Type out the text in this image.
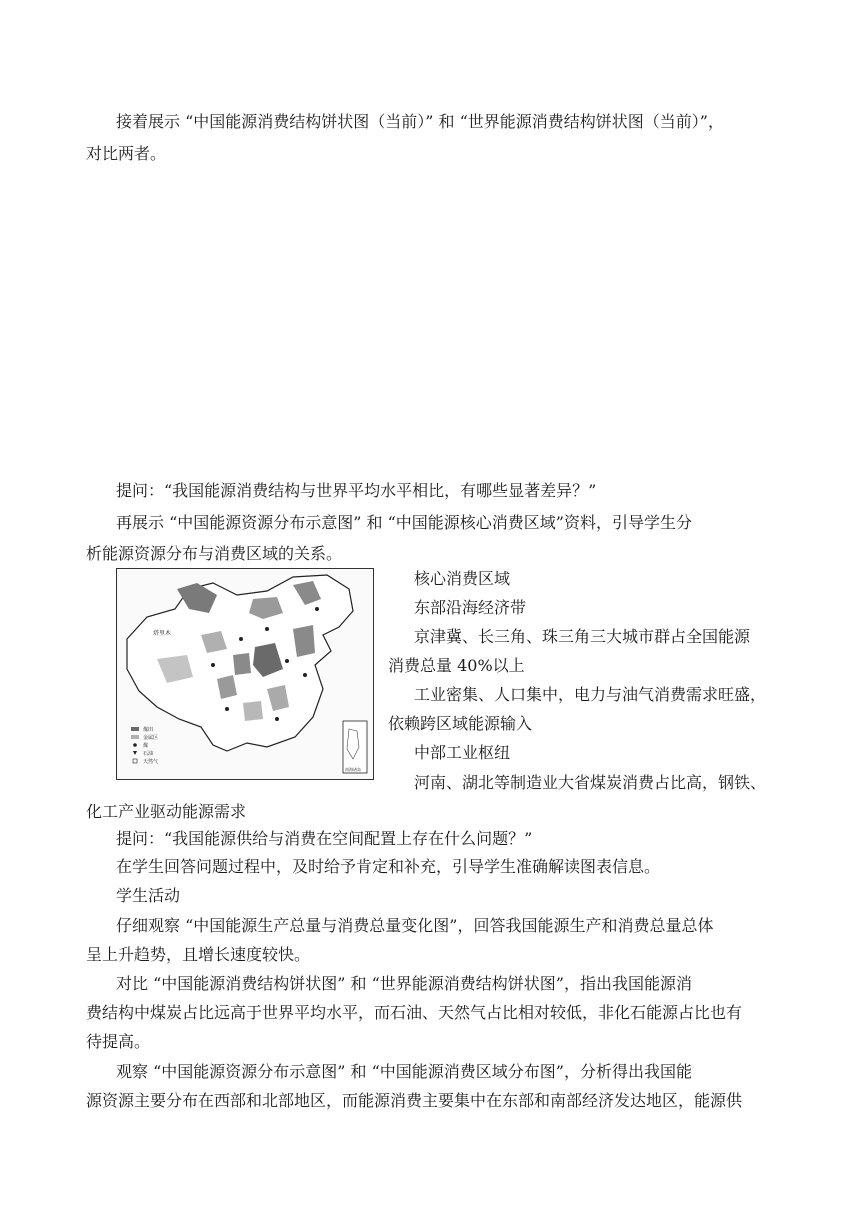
接着展示 “中国能源消费结构饼状图（当前）” 和 “世界能源消费结构饼状图（当前）”，
对比两者。
提问：“我国能源消费结构与世界平均水平相比，有哪些显著差异？”
再展示 “中国能源资源分布示意图” 和 “中国能源核心消费区域”资料，引导学生分
析能源资源分布与消费区域的关系。
塔里木
南海诸岛
煤田
金属区
煤
石油
天然气
核心消费区域
东部沿海经济带
京津冀、长三角、珠三角三大城市群占全国能源
消费总量 40%以上
工业密集、人口集中，电力与油气消费需求旺盛，
依赖跨区域能源输入
中部工业枢纽
河南、湖北等制造业大省煤炭消费占比高，钢铁、
化工产业驱动能源需求
提问：“我国能源供给与消费在空间配置上存在什么问题？”
在学生回答问题过程中，及时给予肯定和补充，引导学生准确解读图表信息。
学生活动
仔细观察 “中国能源生产总量与消费总量变化图”，回答我国能源生产和消费总量总体
呈上升趋势，且增长速度较快。
对比 “中国能源消费结构饼状图” 和 “世界能源消费结构饼状图”，指出我国能源消
费结构中煤炭占比远高于世界平均水平，而石油、天然气占比相对较低，非化石能源占比也有
待提高。
观察 “中国能源资源分布示意图” 和 “中国能源消费区域分布图”，分析得出我国能
源资源主要分布在西部和北部地区，而能源消费主要集中在东部和南部经济发达地区，能源供
